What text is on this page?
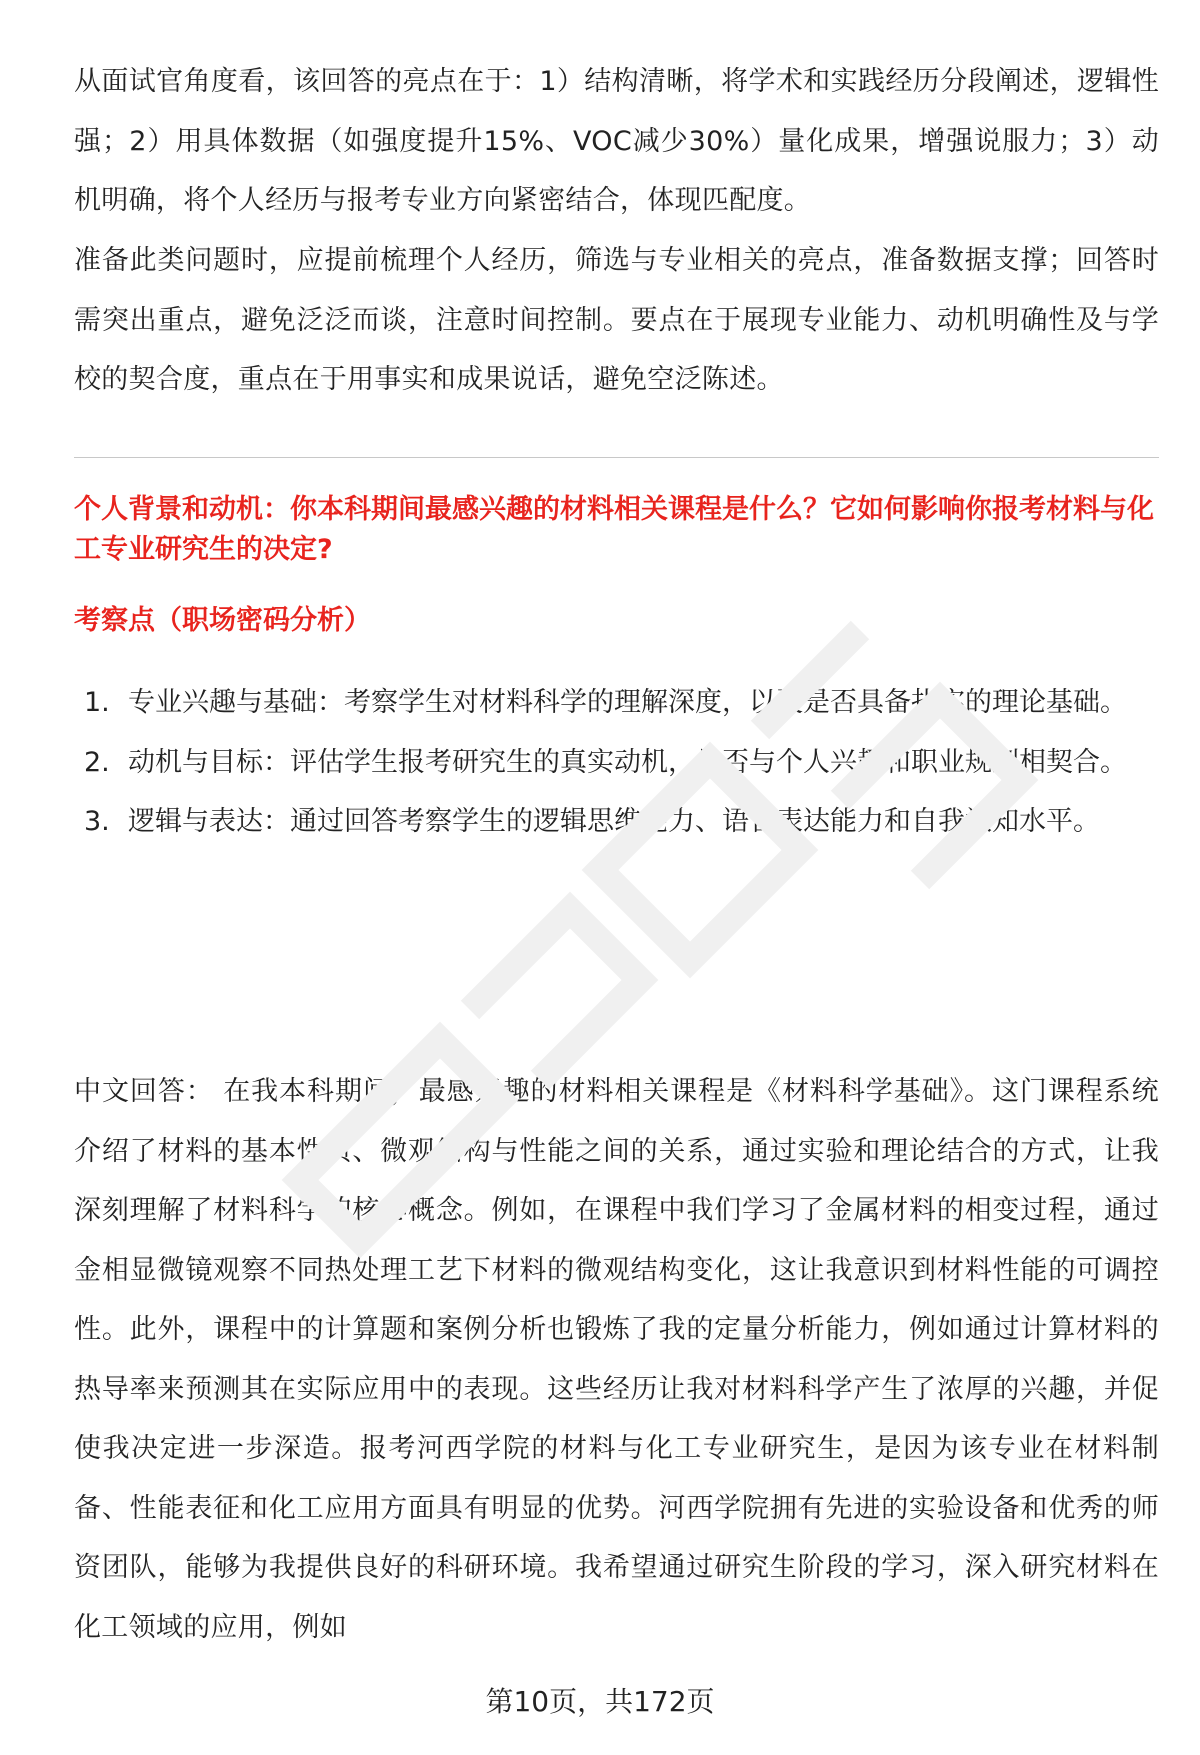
从面试官角度看，该回答的亮点在于：1）结构清晰，将学术和实践经历分段阐述，逻辑性强；2）用具体数据（如强度提升15%、VOC减少30%）量化成果，增强说服力；3）动机明确，将个人经历与报考专业方向紧密结合，体现匹配度。

准备此类问题时，应提前梳理个人经历，筛选与专业相关的亮点，准备数据支撑；回答时需突出重点，避免泛泛而谈，注意时间控制。要点在于展现专业能力、动机明确性及与学校的契合度，重点在于用事实和成果说话，避免空泛陈述。

个人背景和动机：你本科期间最感兴趣的材料相关课程是什么？它如何影响你报考材料与化工专业研究生的决定?

考察点（职场密码分析）

1. 专业兴趣与基础：考察学生对材料科学的理解深度，以及是否具备扎实的理论基础。
2. 动机与目标：评估学生报考研究生的真实动机，是否与个人兴趣和职业规划相契合。
3. 逻辑与表达：通过回答考察学生的逻辑思维能力、语言表达能力和自我认知水平。

中文回答： 在我本科期间，最感兴趣的材料相关课程是《材料科学基础》。这门课程系统介绍了材料的基本性质、微观结构与性能之间的关系，通过实验和理论结合的方式，让我深刻理解了材料科学的核心概念。例如，在课程中我们学习了金属材料的相变过程，通过金相显微镜观察不同热处理工艺下材料的微观结构变化，这让我意识到材料性能的可调控性。此外，课程中的计算题和案例分析也锻炼了我的定量分析能力，例如通过计算材料的热导率来预测其在实际应用中的表现。这些经历让我对材料科学产生了浓厚的兴趣，并促使我决定进一步深造。报考河西学院的材料与化工专业研究生，是因为该专业在材料制备、性能表征和化工应用方面具有明显的优势。河西学院拥有先进的实验设备和优秀的师资团队，能够为我提供良好的科研环境。我希望通过研究生阶段的学习，深入研究材料在化工领域的应用，例如

第10页，共172页
